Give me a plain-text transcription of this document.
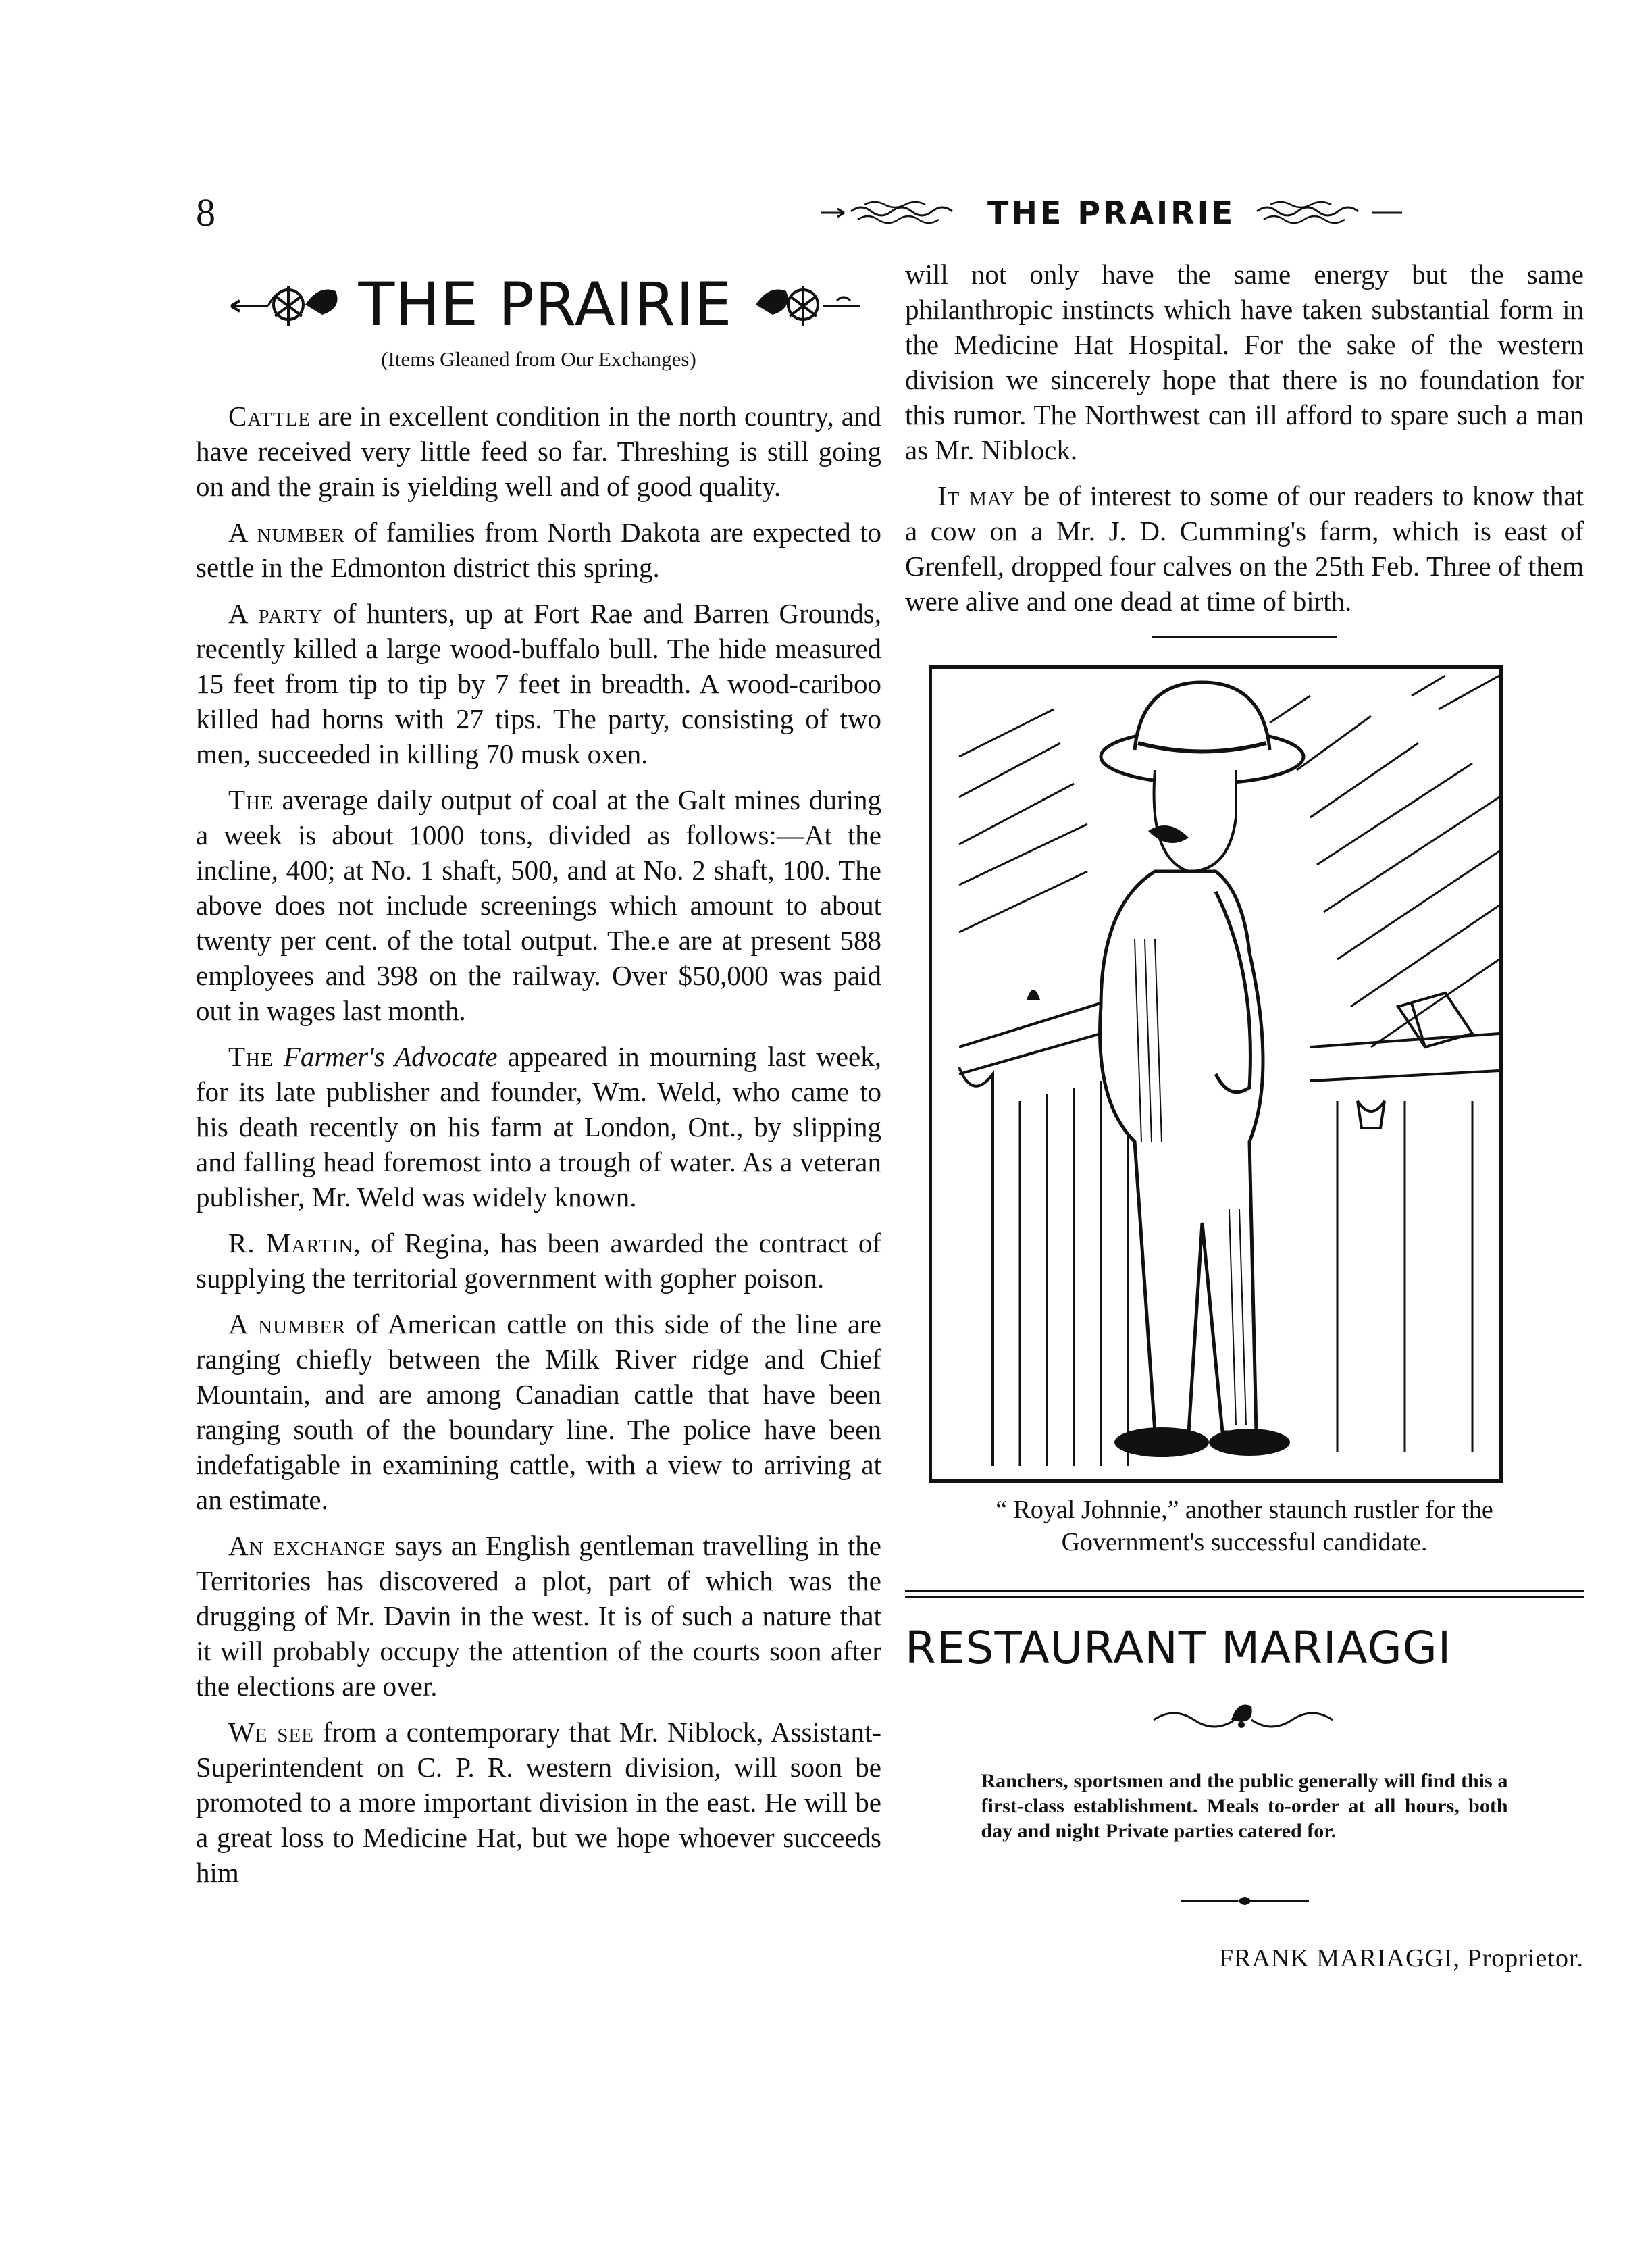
8	THE PRAIRIE
THE PRAIRIE
(Items Gleaned from Our Exchanges)

Cattle are in excellent condition in the north country, and have received very little feed so far. Threshing is still going on and the grain is yielding well and of good quality.

A number of families from North Dakota are expected to settle in the Edmonton district this spring.

A party of hunters, up at Fort Rae and Barren Grounds, recently killed a large wood-buffalo bull. The hide measured 15 feet from tip to tip by 7 feet in breadth. A wood-cariboo killed had horns with 27 tips. The party, consisting of two men, succeeded in killing 70 musk oxen.

The average daily output of coal at the Galt mines during a week is about 1000 tons, divided as follows:—At the incline, 400; at No. 1 shaft, 500, and at No. 2 shaft, 100. The above does not include screenings which amount to about twenty per cent. of the total output. The.e are at present 588 employees and 398 on the railway. Over $50,000 was paid out in wages last month.

The Farmer's Advocate appeared in mourning last week, for its late publisher and founder, Wm. Weld, who came to his death recently on his farm at London, Ont., by slipping and falling head foremost into a trough of water. As a veteran publisher, Mr. Weld was widely known.

R. Martin, of Regina, has been awarded the contract of supplying the territorial government with gopher poison.

A number of American cattle on this side of the line are ranging chiefly between the Milk River ridge and Chief Mountain, and are among Canadian cattle that have been ranging south of the boundary line. The police have been indefatigable in examining cattle, with a view to arriving at an estimate.

An exchange says an English gentleman travelling in the Territories has discovered a plot, part of which was the drugging of Mr. Davin in the west. It is of such a nature that it will probably occupy the attention of the courts soon after the elections are over.

We see from a contemporary that Mr. Niblock, Assistant-Superintendent on C. P. R. western division, will soon be promoted to a more important division in the east. He will be a great loss to Medicine Hat, but we hope whoever succeeds him

will not only have the same energy but the same philanthropic instincts which have taken substantial form in the Medicine Hat Hospital. For the sake of the western division we sincerely hope that there is no foundation for this rumor. The Northwest can ill afford to spare such a man as Mr. Niblock.

It may be of interest to some of our readers to know that a cow on a Mr. J. D. Cumming's farm, which is east of Grenfell, dropped four calves on the 25th Feb. Three of them were alive and one dead at time of birth.

“ Royal Johnnie,” another staunch rustler for the
Government's successful candidate.

RESTAURANT MARIAGGI
Ranchers, sportsmen and the public generally will find this a first-class establishment. Meals to-order at all hours, both day and night Private parties catered for.
FRANK MARIAGGI, Proprietor.
